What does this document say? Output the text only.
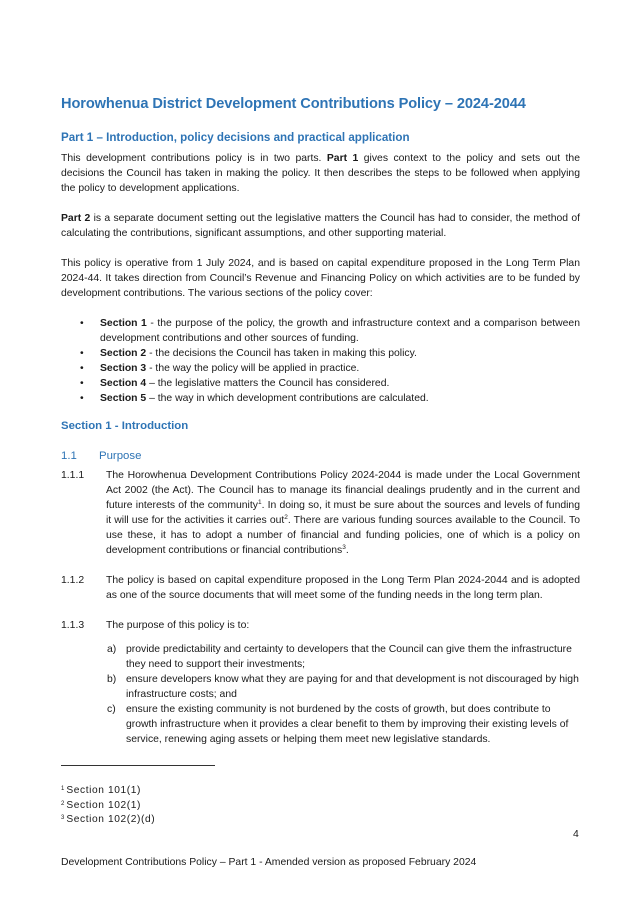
Horowhenua District Development Contributions Policy – 2024-2044
Part 1 – Introduction, policy decisions and practical application

This development contributions policy is in two parts. Part 1 gives context to the policy and sets out the decisions the Council has taken in making the policy. It then describes the steps to be followed when applying the policy to development applications.

Part 2 is a separate document setting out the legislative matters the Council has had to consider, the method of calculating the contributions, significant assumptions, and other supporting material.

This policy is operative from 1 July 2024, and is based on capital expenditure proposed in the Long Term Plan 2024-44. It takes direction from Council’s Revenue and Financing Policy on which activities are to be funded by development contributions. The various sections of the policy cover:

• Section 1 - the purpose of the policy, the growth and infrastructure context and a comparison between development contributions and other sources of funding.
• Section 2 - the decisions the Council has taken in making this policy.
• Section 3 - the way the policy will be applied in practice.
• Section 4 – the legislative matters the Council has considered.
• Section 5 – the way in which development contributions are calculated.
Section 1 - Introduction
1.1	Purpose
1.1.1	The Horowhenua Development Contributions Policy 2024-2044 is made under the Local Government Act 2002 (the Act). The Council has to manage its financial dealings prudently and in the current and future interests of the community$^1$. In doing so, it must be sure about the sources and levels of funding it will use for the activities it carries out$^2$. There are various funding sources available to the Council. To use these, it has to adopt a number of financial and funding policies, one of which is a policy on development contributions or financial contributions$^3$.
1.1.2	The policy is based on capital expenditure proposed in the Long Term Plan 2024-2044 and is adopted as one of the source documents that will meet some of the funding needs in the long term plan.
1.1.3	The purpose of this policy is to:
a) provide predictability and certainty to developers that the Council can give them the infrastructure they need to support their investments;
b) ensure developers know what they are paying for and that development is not discouraged by high infrastructure costs; and
c) ensure the existing community is not burdened by the costs of growth, but does contribute to growth infrastructure when it provides a clear benefit to them by improving their existing levels of service, renewing aging assets or helping them meet new legislative standards.
$^1$ Section 101(1)
$^2$ Section 102(1)
$^3$ Section 102(2)(d)
4
Development Contributions Policy – Part 1 - Amended version as proposed February 2024
